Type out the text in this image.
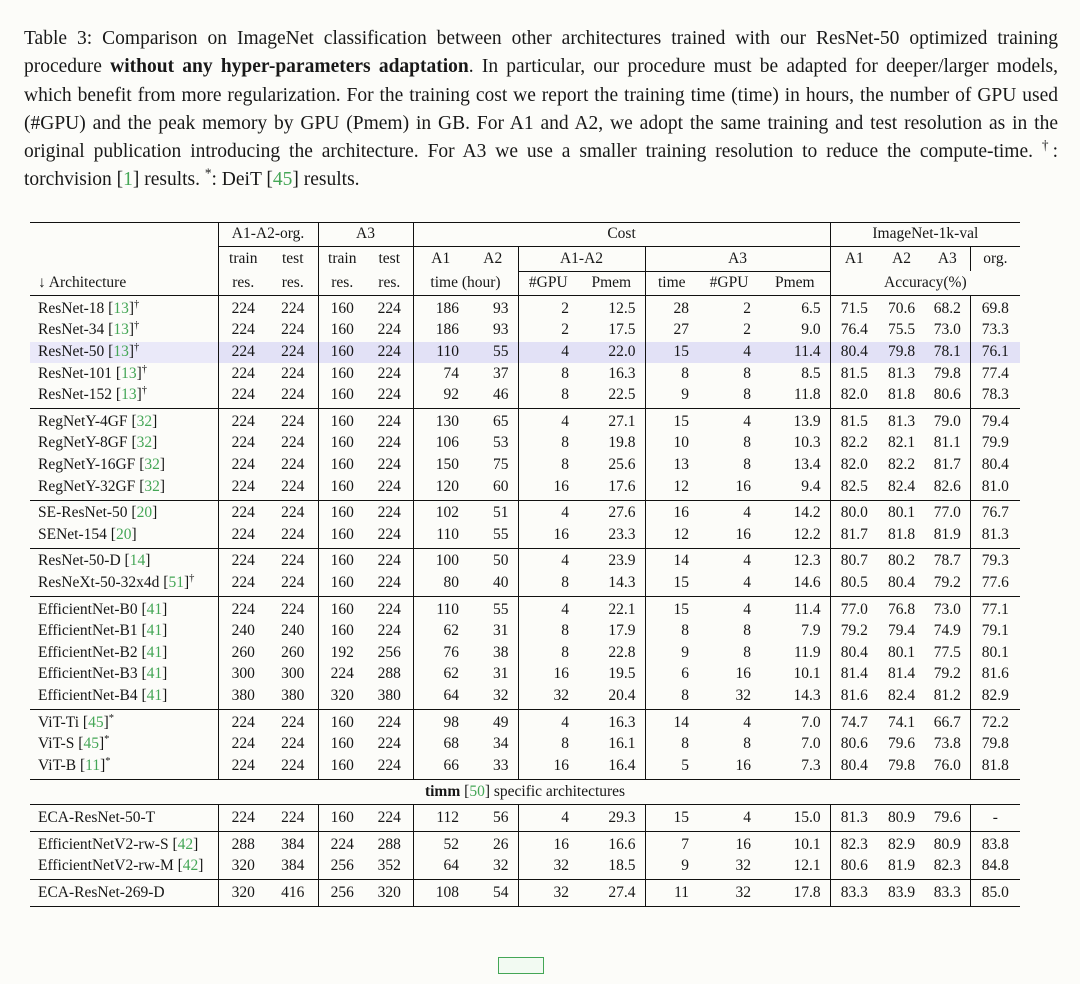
Table 3: Comparison on ImageNet classification between other architectures trained with our ResNet-50 optimized training procedure without any hyper-parameters adaptation. In particular, our procedure must be adapted for deeper/larger models, which benefit from more regularization. For the training cost we report the training time (time) in hours, the number of GPU used (#GPU) and the peak memory by GPU (Pmem) in GB. For A1 and A2, we adopt the same training and test resolution as in the original publication introducing the architecture. For A3 we use a smaller training resolution to reduce the compute-time. †: torchvision [1] results. *: DeiT [45] results.

	A1-A2-org.		A3		Cost							ImageNet-1k-val			
	train	test	train	test	A1	A2	A1-A2		A3			A1	A2	A3	org.
↓ Architecture	res.	res.	res.	res.	time (hour)		#GPU	Pmem	time	#GPU	Pmem	Accuracy(%)			
ResNet-18 [13]†	224	224	160	224	186	93	2	12.5	28	2	6.5	71.5	70.6	68.2	69.8
ResNet-34 [13]†	224	224	160	224	186	93	2	17.5	27	2	9.0	76.4	75.5	73.0	73.3
ResNet-50 [13]†	224	224	160	224	110	55	4	22.0	15	4	11.4	80.4	79.8	78.1	76.1
ResNet-101 [13]†	224	224	160	224	74	37	8	16.3	8	8	8.5	81.5	81.3	79.8	77.4
ResNet-152 [13]†	224	224	160	224	92	46	8	22.5	9	8	11.8	82.0	81.8	80.6	78.3
RegNetY-4GF [32]	224	224	160	224	130	65	4	27.1	15	4	13.9	81.5	81.3	79.0	79.4
RegNetY-8GF [32]	224	224	160	224	106	53	8	19.8	10	8	10.3	82.2	82.1	81.1	79.9
RegNetY-16GF [32]	224	224	160	224	150	75	8	25.6	13	8	13.4	82.0	82.2	81.7	80.4
RegNetY-32GF [32]	224	224	160	224	120	60	16	17.6	12	16	9.4	82.5	82.4	82.6	81.0
SE-ResNet-50 [20]	224	224	160	224	102	51	4	27.6	16	4	14.2	80.0	80.1	77.0	76.7
SENet-154 [20]	224	224	160	224	110	55	16	23.3	12	16	12.2	81.7	81.8	81.9	81.3
ResNet-50-D [14]	224	224	160	224	100	50	4	23.9	14	4	12.3	80.7	80.2	78.7	79.3
ResNeXt-50-32x4d [51]†	224	224	160	224	80	40	8	14.3	15	4	14.6	80.5	80.4	79.2	77.6
EfficientNet-B0 [41]	224	224	160	224	110	55	4	22.1	15	4	11.4	77.0	76.8	73.0	77.1
EfficientNet-B1 [41]	240	240	160	224	62	31	8	17.9	8	8	7.9	79.2	79.4	74.9	79.1
EfficientNet-B2 [41]	260	260	192	256	76	38	8	22.8	9	8	11.9	80.4	80.1	77.5	80.1
EfficientNet-B3 [41]	300	300	224	288	62	31	16	19.5	6	16	10.1	81.4	81.4	79.2	81.6
EfficientNet-B4 [41]	380	380	320	380	64	32	32	20.4	8	32	14.3	81.6	82.4	81.2	82.9
ViT-Ti [45]*	224	224	160	224	98	49	4	16.3	14	4	7.0	74.7	74.1	66.7	72.2
ViT-S [45]*	224	224	160	224	68	34	8	16.1	8	8	7.0	80.6	79.6	73.8	79.8
ViT-B [11]*	224	224	160	224	66	33	16	16.4	5	16	7.3	80.4	79.8	76.0	81.8
timm [50] specific architectures															
ECA-ResNet-50-T	224	224	160	224	112	56	4	29.3	15	4	15.0	81.3	80.9	79.6	-
EfficientNetV2-rw-S [42]	288	384	224	288	52	26	16	16.6	7	16	10.1	82.3	82.9	80.9	83.8
EfficientNetV2-rw-M [42]	320	384	256	352	64	32	32	18.5	9	32	12.1	80.6	81.9	82.3	84.8
ECA-ResNet-269-D	320	416	256	320	108	54	32	27.4	11	32	17.8	83.3	83.9	83.3	85.0
